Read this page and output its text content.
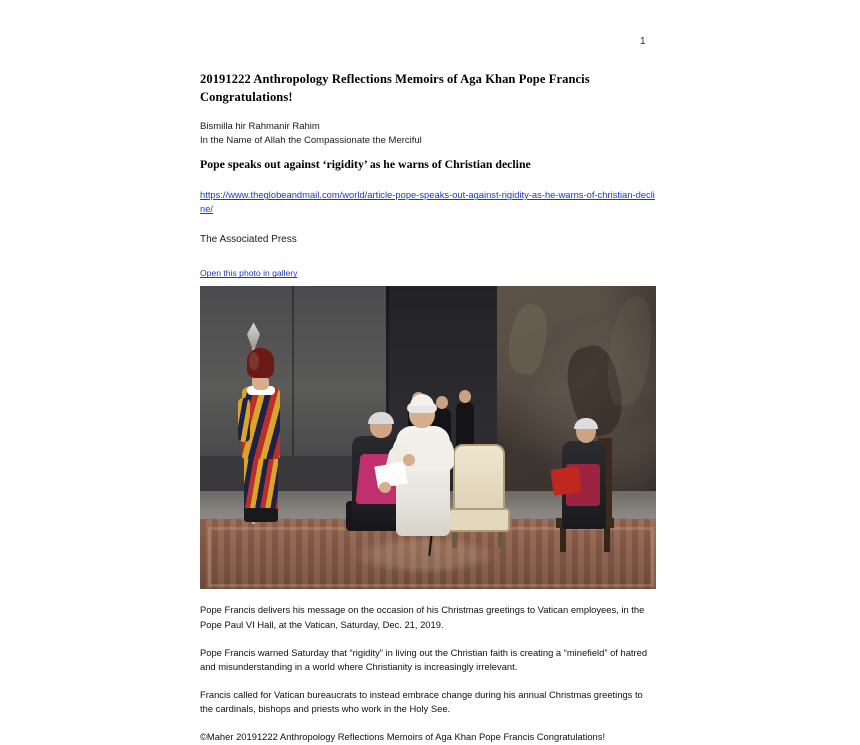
1
20191222 Anthropology Reflections Memoirs of Aga Khan Pope Francis Congratulations!
Bismilla hir Rahmanir Rahim
In the Name of Allah the Compassionate the Merciful
Pope speaks out against ‘rigidity’ as he warns of Christian decline
https://www.theglobeandmail.com/world/article-pope-speaks-out-against-rigidity-as-he-warns-of-christian-decline/
The Associated Press
Open this photo in gallery
Pope Francis delivers his message on the occasion of his Christmas greetings to Vatican employees, in the Pope Paul VI Hall, at the Vatican, Saturday, Dec. 21, 2019.
Pope Francis warned Saturday that “rigidity” in living out the Christian faith is creating a “minefield” of hatred and misunderstanding in a world where Christianity is increasingly irrelevant.
Francis called for Vatican bureaucrats to instead embrace change during his annual Christmas greetings to the cardinals, bishops and priests who work in the Holy See.
©Maher 20191222 Anthropology Reflections Memoirs of Aga Khan Pope Francis Congratulations!
